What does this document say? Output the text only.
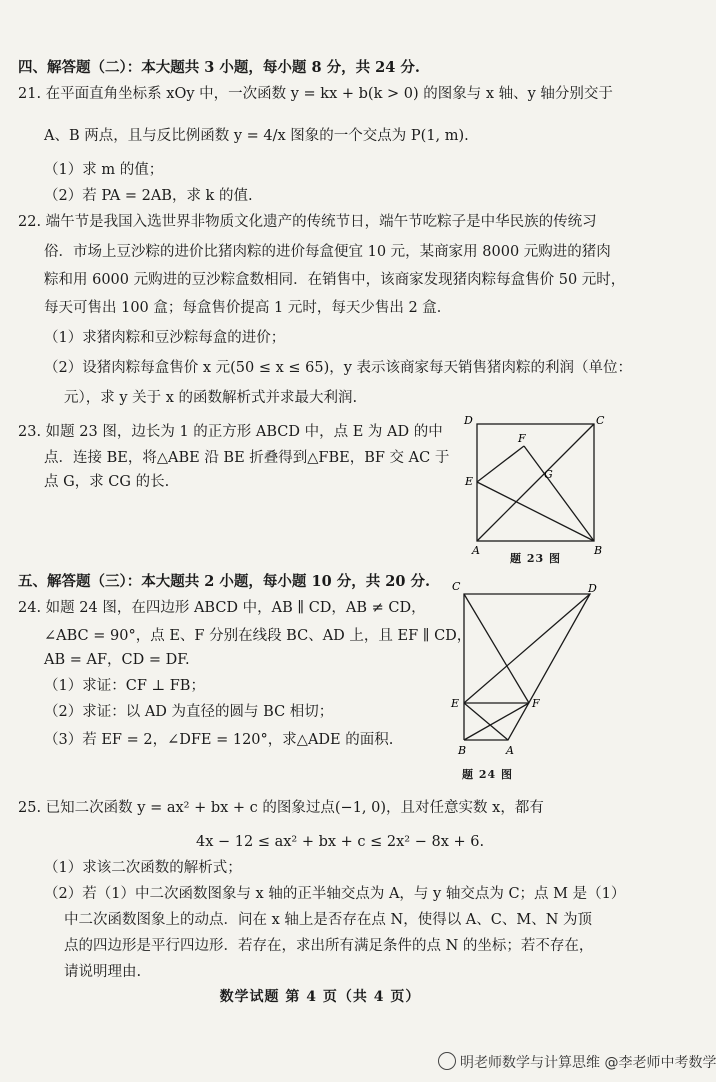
四、解答题（二）：本大题共 3 小题，每小题 8 分，共 24 分.
21. 在平面直角坐标系 xOy 中，一次函数 y = kx + b(k > 0) 的图象与 x 轴、y 轴分别交于
A、B 两点，且与反比例函数 y = 4/x 图象的一个交点为 P(1, m).
（1）求 m 的值；
（2）若 PA = 2AB，求 k 的值.
22. 端午节是我国入选世界非物质文化遗产的传统节日，端午节吃粽子是中华民族的传统习
俗．市场上豆沙粽的进价比猪肉粽的进价每盒便宜 10 元，某商家用 8000 元购进的猪肉
粽和用 6000 元购进的豆沙粽盒数相同．在销售中，该商家发现猪肉粽每盒售价 50 元时，
每天可售出 100 盒；每盒售价提高 1 元时，每天少售出 2 盒．
（1）求猪肉粽和豆沙粽每盒的进价；
（2）设猪肉粽每盒售价 x 元(50 ≤ x ≤ 65)，y 表示该商家每天销售猪肉粽的利润（单位：
元），求 y 关于 x 的函数解析式并求最大利润.
23. 如题 23 图，边长为 1 的正方形 ABCD 中，点 E 为 AD 的中
点．连接 BE，将△ABE 沿 BE 折叠得到△FBE，BF 交 AC 于
点 G，求 CG 的长.
五、解答题（三）：本大题共 2 小题，每小题 10 分，共 20 分.
24. 如题 24 图，在四边形 ABCD 中，AB ∥ CD，AB ≠ CD，
∠ABC = 90°，点 E、F 分别在线段 BC、AD 上，且 EF ∥ CD，
AB = AF，CD = DF.
（1）求证：CF ⊥ FB；
（2）求证：以 AD 为直径的圆与 BC 相切；
（3）若 EF = 2，∠DFE = 120°，求△ADE 的面积.
25. 已知二次函数 y = ax² + bx + c 的图象过点(−1, 0)，且对任意实数 x，都有
4x − 12 ≤ ax² + bx + c ≤ 2x² − 8x + 6.
（1）求该二次函数的解析式；
（2）若（1）中二次函数图象与 x 轴的正半轴交点为 A，与 y 轴交点为 C；点 M 是（1）
中二次函数图象上的动点．问在 x 轴上是否存在点 N，使得以 A、C、M、N 为顶
点的四边形是平行四边形．若存在，求出所有满足条件的点 N 的坐标；若不存在，
请说明理由.
D	C
F
G
E
A	B
题 23 图
C	D
E	F
B	A
题 24 图
数学试题 第 4 页（共 4 页）
明老师数学与计算思维 @李老师中考数学
